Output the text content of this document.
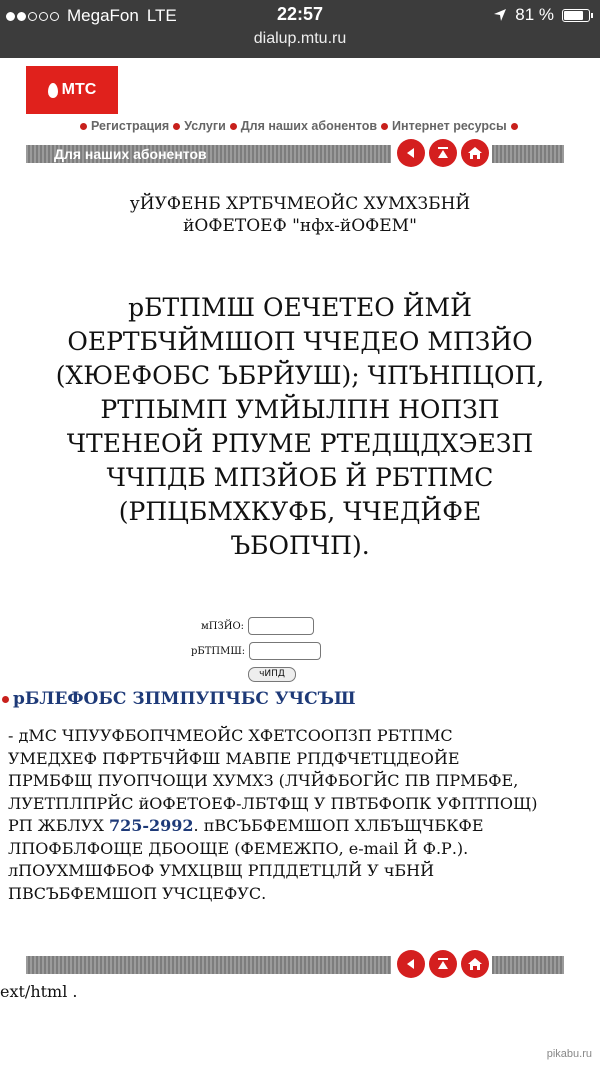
MegaFon LTE	22:57	81 %
dialup.mtu.ru
МТС
Регистрация Услуги Для наших абонентов Интернет ресурсы
Для наших абонентов
уЙУФЕНБ ХРТБЧМЕОЙС ХУМХЗБНЙ
йОФЕТОЕФ "нфх-йОФЕМ"
рБТПМШ ОЕЧЕТЕО ЙМЙ ОЕРТБЧЙМШОП ЧЧЕДЕО МПЗЙО (ХЮЕФОБС ЪБРЙУШ); ЧПЪНПЦОП, РТПЫМП УМЙЫЛПН НОПЗП ЧТЕНЕОЙ РПУМЕ РТЕДЩДХЭЕЗП ЧЧПДБ МПЗЙОБ Й РБТПМС (РПЦБМХКУФБ, ЧЧЕДЙФЕ ЪБОПЧП).
мПЗЙО:
рБТПМШ:
чИПД
рБЛЕФОБС ЗПМПУПЧБС УЧСЪШ
- дМС ЧПУУФБОПЧМЕОЙС ХФЕТСООПЗП РБТПМС УМЕДХЕФ ПФРТБЧЙФШ МАВПЕ РПДФЧЕТЦДЕОЙЕ ПРМБФЩ ПУОПЧОЩИ ХУМХЗ (ЛЧЙФБОГЙС ПВ ПРМБФЕ, ЛУЕТПЛПРЙС йОФЕТОЕФ-ЛБТФЩ У ПВТБФОПК УФПТПОЩ) РП ЖБЛУХ 725-2992. пВСЪБФЕМШОП ХЛБЪЩЧБКФЕ ЛПОФБЛФОЩЕ ДБООЩЕ (ФЕМЕЖПО, e-mail Й Ф.Р.). лПОУХМШФБОФ УМХЦВЩ РПДДЕТЦЛЙ У чБНЙ ПВСЪБФЕМШОП УЧСЦЕФУС.
ext/html .
pikabu.ru
